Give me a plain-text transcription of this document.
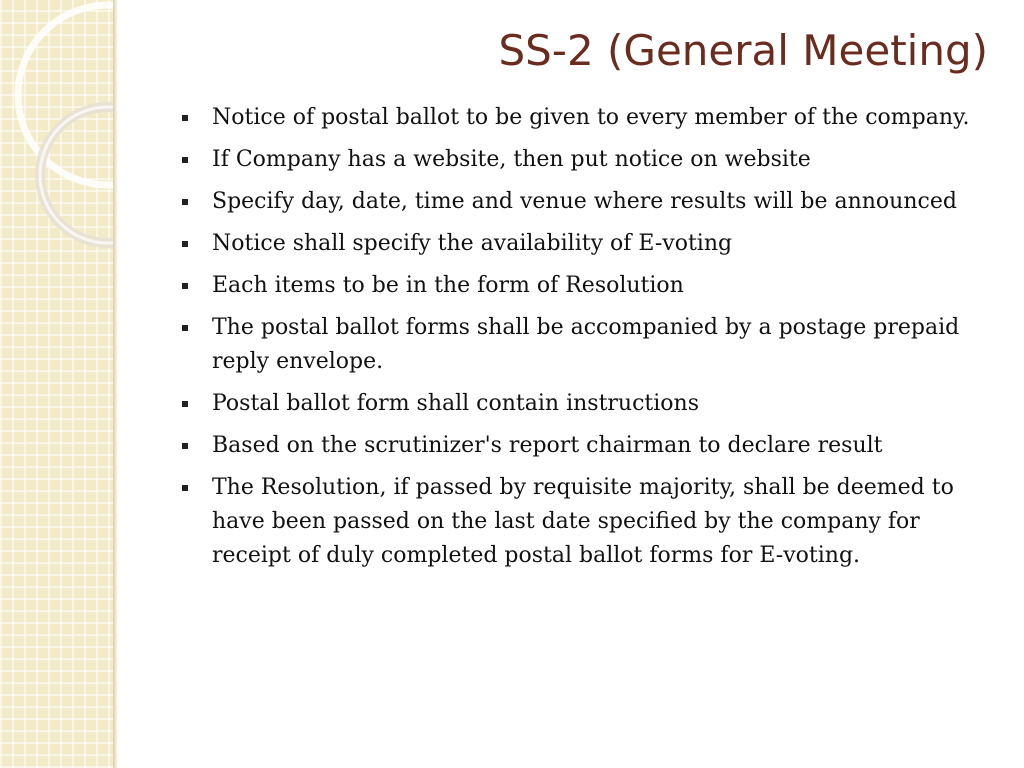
SS-2 (General Meeting)
Notice of postal ballot to be given to every member of the company.
If Company has a website, then put notice on website
Specify day, date, time and venue where results will be announced
Notice shall specify the availability of E-voting
Each items to be in the form of Resolution
The postal ballot forms shall be accompanied by a postage prepaid reply envelope.
Postal ballot form shall contain instructions
Based on the scrutinizer's report chairman to declare result
The Resolution, if passed by requisite majority, shall be deemed to have been passed on the last date specified by the company for receipt of duly completed postal ballot forms for E-voting.
